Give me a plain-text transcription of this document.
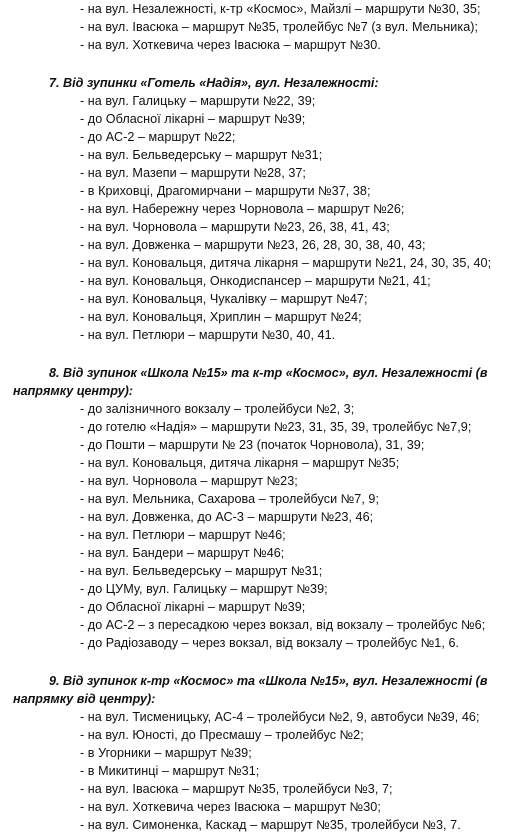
- на вул. Незалежності, к-тр «Космос», Майзлі – маршрути №30, 35;
- на вул. Івасюка – маршрут №35, тролейбус №7 (з вул. Мельника);
- на вул. Хоткевича через Івасюка – маршрут №30.
7. Від зупинки «Готель «Надія», вул. Незалежності:
- на вул. Галицьку – маршрути №22, 39;
- до Обласної лікарні – маршрут №39;
- до АС-2 – маршрут №22;
- на вул. Бельведерську – маршрут №31;
- на вул. Мазепи – маршрути №28, 37;
- в Криховці, Драгомирчани – маршрути №37, 38;
- на вул. Набережну через Чорновола – маршрут №26;
- на вул. Чорновола – маршрути №23, 26, 38, 41, 43;
- на вул. Довженка – маршрути №23, 26, 28, 30, 38, 40, 43;
- на вул. Коновальця, дитяча лікарня – маршрути №21, 24, 30, 35, 40;
- на вул. Коновальця, Онкодиспансер – маршрути №21, 41;
- на вул. Коновальця, Чукалівку – маршрут №47;
- на вул. Коновальця, Хриплин – маршрут №24;
- на вул. Петлюри – маршрути №30, 40, 41.
8. Від зупинок «Школа №15» та к-тр «Космос», вул. Незалежності (в
напрямку центру):
- до залізничного вокзалу – тролейбуси №2, 3;
- до готелю «Надія» – маршрути №23, 31, 35, 39, тролейбус №7,9;
- до Пошти – маршрути № 23 (початок Чорновола), 31, 39;
- на вул. Коновальця, дитяча лікарня – маршрут №35;
- на вул. Чорновола – маршрут №23;
- на вул. Мельника, Сахарова – тролейбуси №7, 9;
- на вул. Довженка, до АС-3 – маршрути №23, 46;
- на вул. Петлюри – маршрут №46;
- на вул. Бандери – маршрут №46;
- на вул. Бельведерську – маршрут №31;
- до ЦУМу, вул. Галицьку – маршрут №39;
- до Обласної лікарні – маршрут №39;
- до АС-2 – з пересадкою через вокзал, від вокзалу – тролейбус №6;
- до Радіозаводу – через вокзал, від вокзалу – тролейбус №1, 6.
9. Від зупинок к-тр «Космос» та «Школа №15», вул. Незалежності (в
напрямку від центру):
- на вул. Тисменицьку, АС-4 – тролейбуси №2, 9, автобуси №39, 46;
- на вул. Юності, до Пресмашу – тролейбус №2;
- в Угорники – маршрут №39;
- в Микитинці – маршрут №31;
- на вул. Івасюка – маршрут №35, тролейбуси №3, 7;
- на вул. Хоткевича через Івасюка – маршрут №30;
- на вул. Симоненка, Каскад – маршрут №35, тролейбуси №3, 7.
